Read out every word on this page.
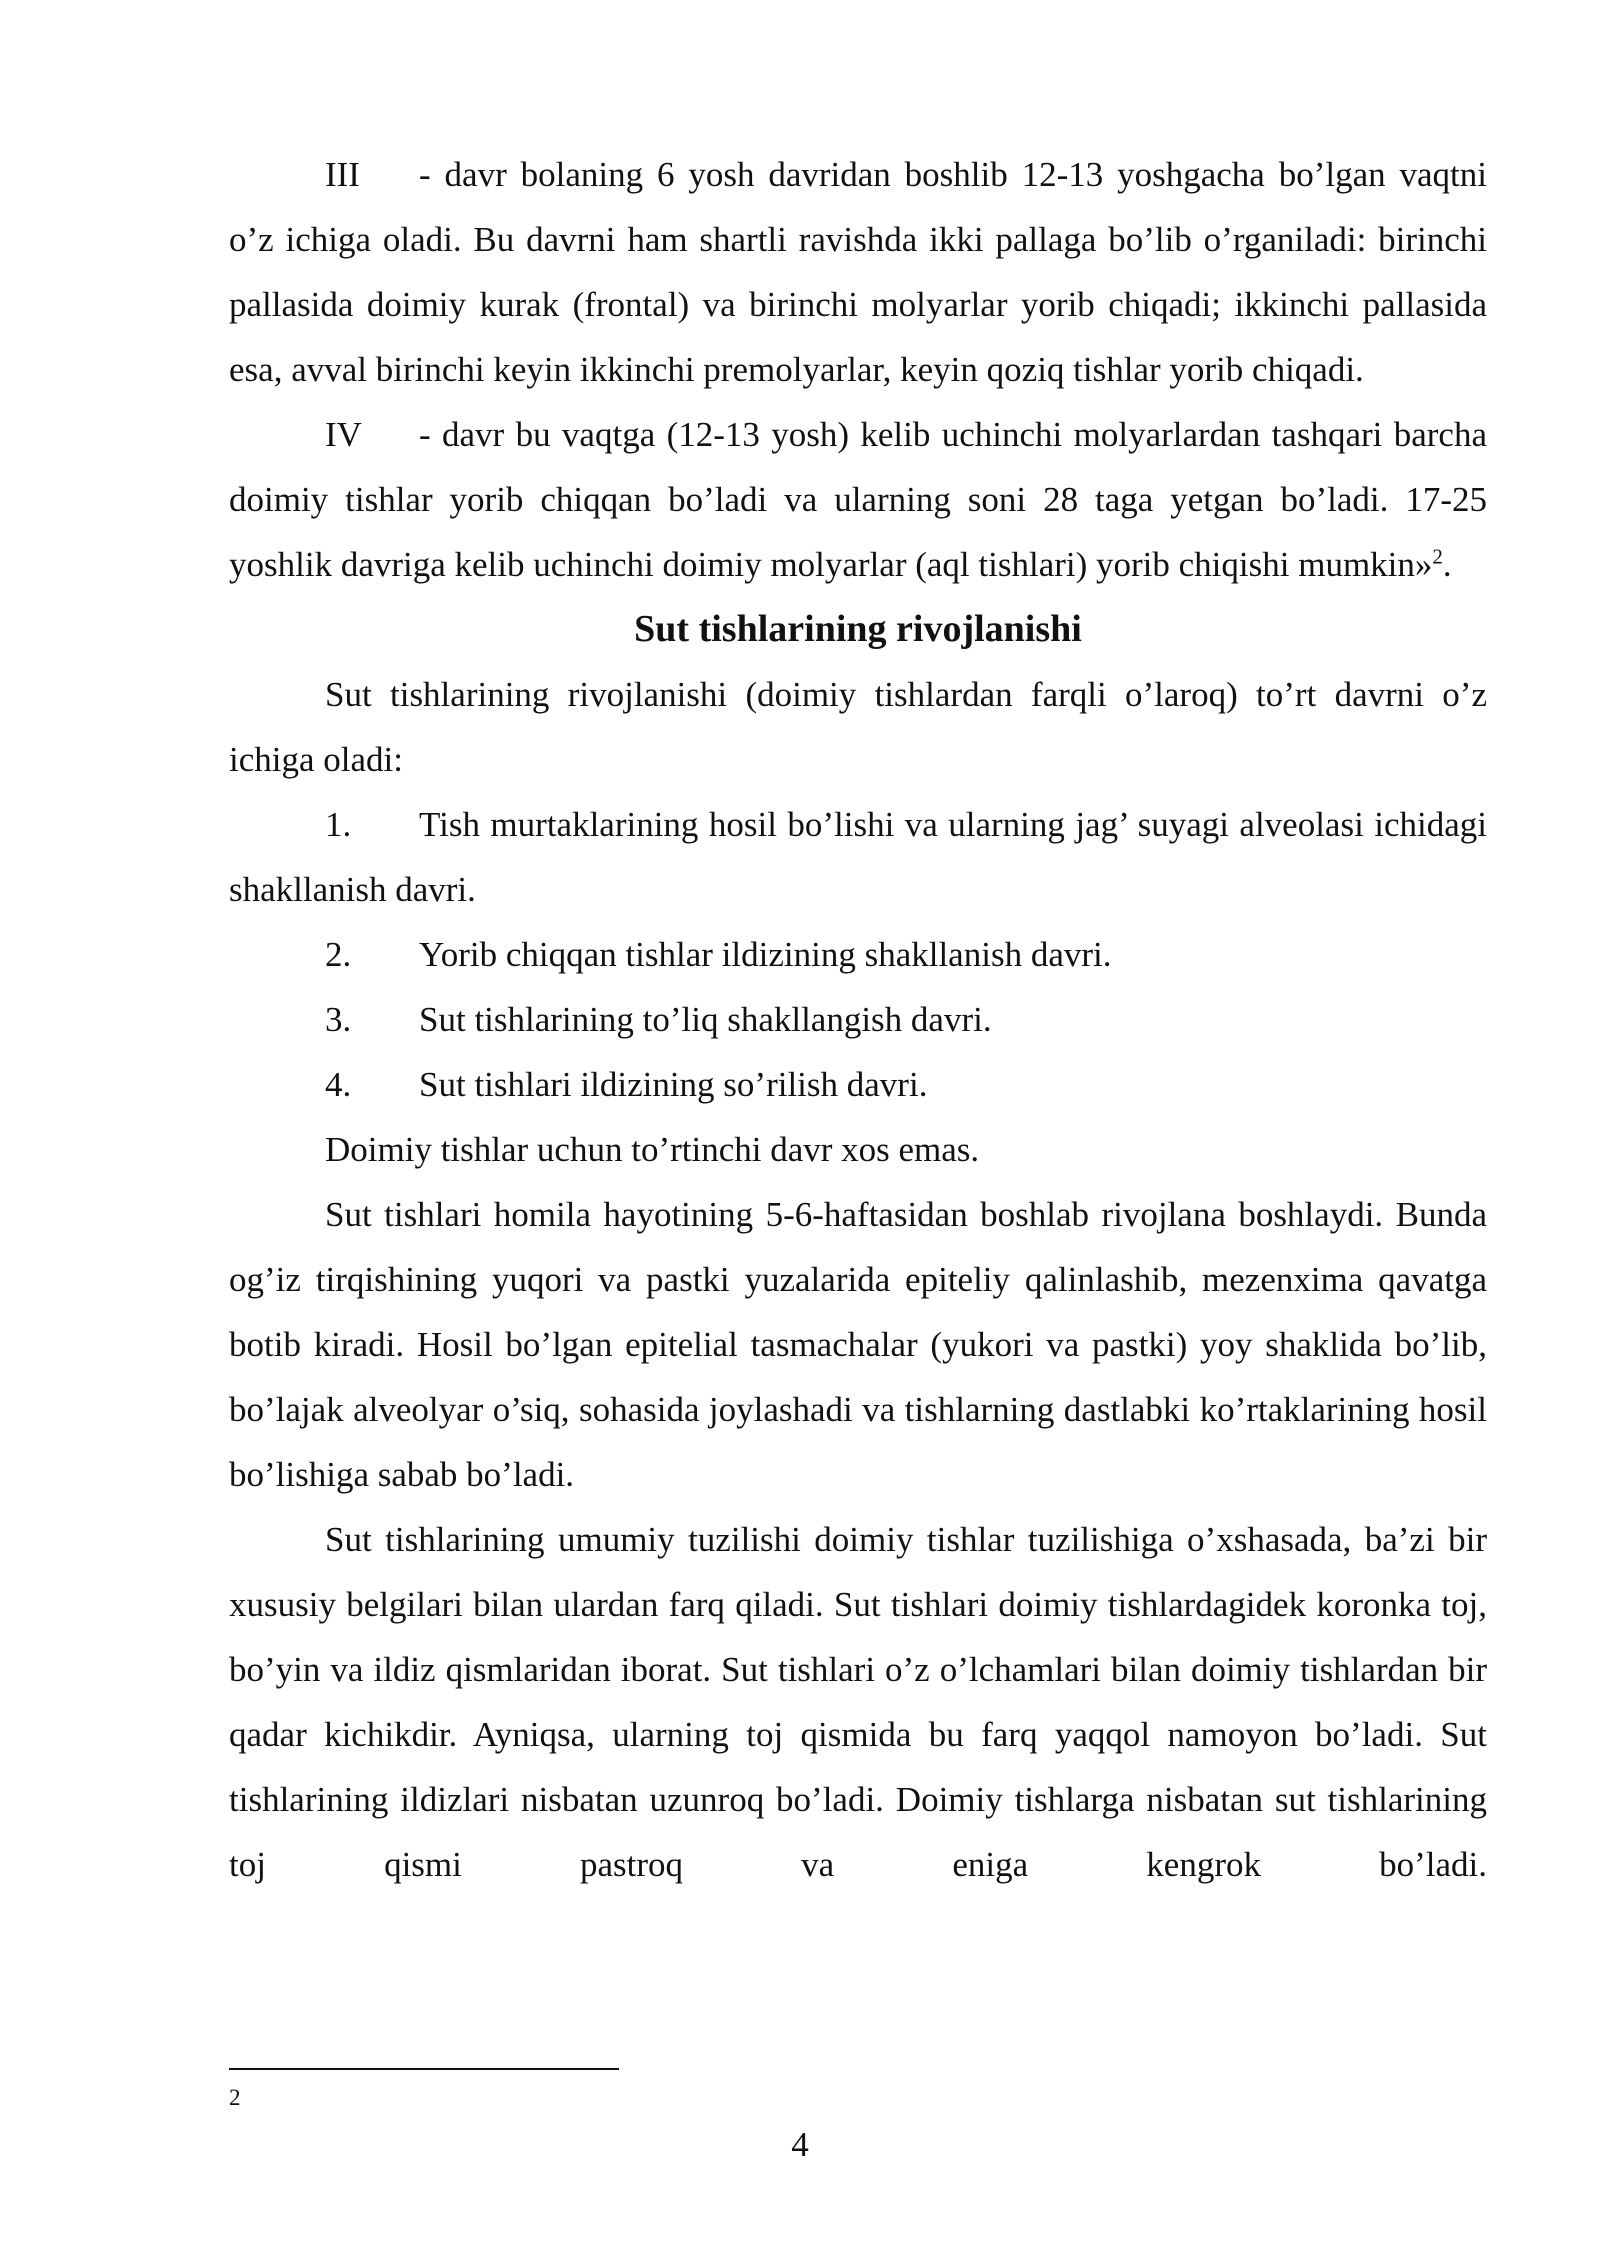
III - davr bolaning 6 yosh davridan boshlib 12-13 yoshgacha bo’lgan vaqtni o’z ichiga oladi. Bu davrni ham shartli ravishda ikki pallaga bo’lib o’rganiladi: birinchi pallasida doimiy kurak (frontal) va birinchi molyarlar yorib chiqadi; ikkinchi pallasida esa, avval birinchi keyin ikkinchi premolyarlar, keyin qoziq tishlar yorib chiqadi.

IV - davr bu vaqtga (12-13 yosh) kelib uchinchi molyarlardan tashqari barcha doimiy tishlar yorib chiqqan bo’ladi va ularning soni 28 taga yetgan bo’ladi. 17-25 yoshlik davriga kelib uchinchi doimiy molyarlar (aql tishlari) yorib chiqishi mumkin»$^2$.

Sut tishlarining rivojlanishi

Sut tishlarining rivojlanishi (doimiy tishlardan farqli o’laroq) to’rt davrni o’z ichiga oladi:

1. Tish murtaklarining hosil bo’lishi va ularning jag’ suyagi alveolasi ichidagi shakllanish davri.

2. Yorib chiqqan tishlar ildizining shakllanish davri.

3. Sut tishlarining to’liq shakllangish davri.

4. Sut tishlari ildizining so’rilish davri.

Doimiy tishlar uchun to’rtinchi davr xos emas.

Sut tishlari homila hayotining 5-6-haftasidan boshlab rivojlana boshlaydi. Bunda og’iz tirqishining yuqori va pastki yuzalarida epiteliy qalinlashib, mezenxima qavatga botib kiradi. Hosil bo’lgan epitelial tasmachalar (yukori va pastki) yoy shaklida bo’lib, bo’lajak alveolyar o’siq, sohasida joylashadi va tishlarning dastlabki ko’rtaklarining hosil bo’lishiga sabab bo’ladi.

Sut tishlarining umumiy tuzilishi doimiy tishlar tuzilishiga o’xshasada, ba’zi bir xususiy belgilari bilan ulardan farq qiladi. Sut tishlari doimiy tishlardagidek koronka toj, bo’yin va ildiz qismlaridan iborat. Sut tishlari o’z o’lchamlari bilan doimiy tishlardan bir qadar kichikdir. Ayniqsa, ularning toj qismida bu farq yaqqol namoyon bo’ladi. Sut tishlarining ildizlari nisbatan uzunroq bo’ladi. Doimiy tishlarga nisbatan sut tishlarining toj qismi pastroq va eniga kengrok bo’ladi.

2
4
